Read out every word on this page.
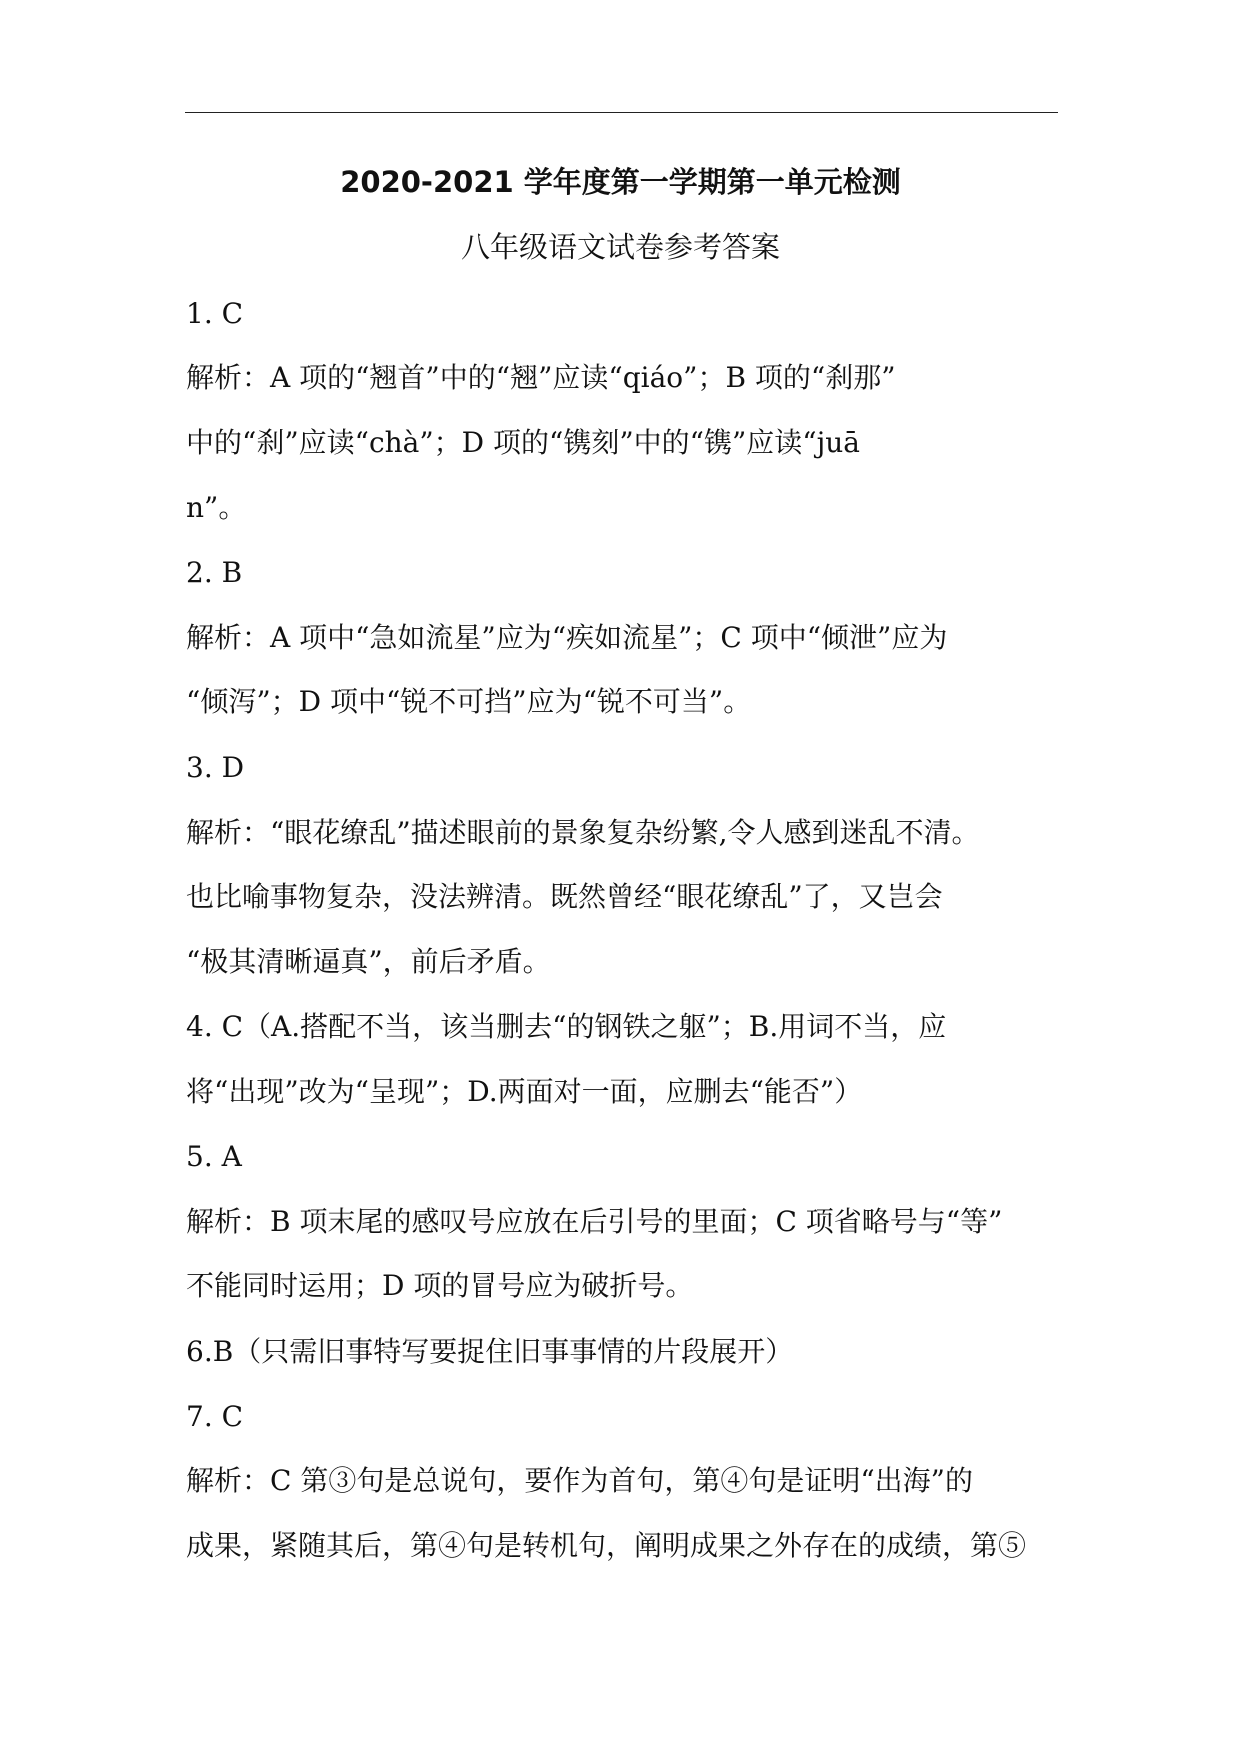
2020-2021 学年度第一学期第一单元检测
八年级语文试卷参考答案
1. C
解析：A 项的“翘首”中的“翘”应读“qiáo”；B 项的“刹那”
中的“刹”应读“chà”；D 项的“镌刻”中的“镌”应读“juā
n”。
2. B
解析：A 项中“急如流星”应为“疾如流星”；C 项中“倾泄”应为
“倾泻”；D 项中“锐不可挡”应为“锐不可当”。
3. D
解析：“眼花缭乱”描述眼前的景象复杂纷繁,令人感到迷乱不清。
也比喻事物复杂，没法辨清。既然曾经“眼花缭乱”了，又岂会
“极其清晰逼真”，前后矛盾。
4. C（A.搭配不当，该当删去“的钢铁之躯”；B.用词不当，应
将“出现”改为“呈现”；D.两面对一面，应删去“能否”）
5. A
解析：B 项末尾的感叹号应放在后引号的里面；C 项省略号与“等”
不能同时运用；D 项的冒号应为破折号。
6.B（只需旧事特写要捉住旧事事情的片段展开）
7. C
解析：C 第③句是总说句，要作为首句，第④句是证明“出海”的
成果，紧随其后，第④句是转机句，阐明成果之外存在的成绩，第⑤
